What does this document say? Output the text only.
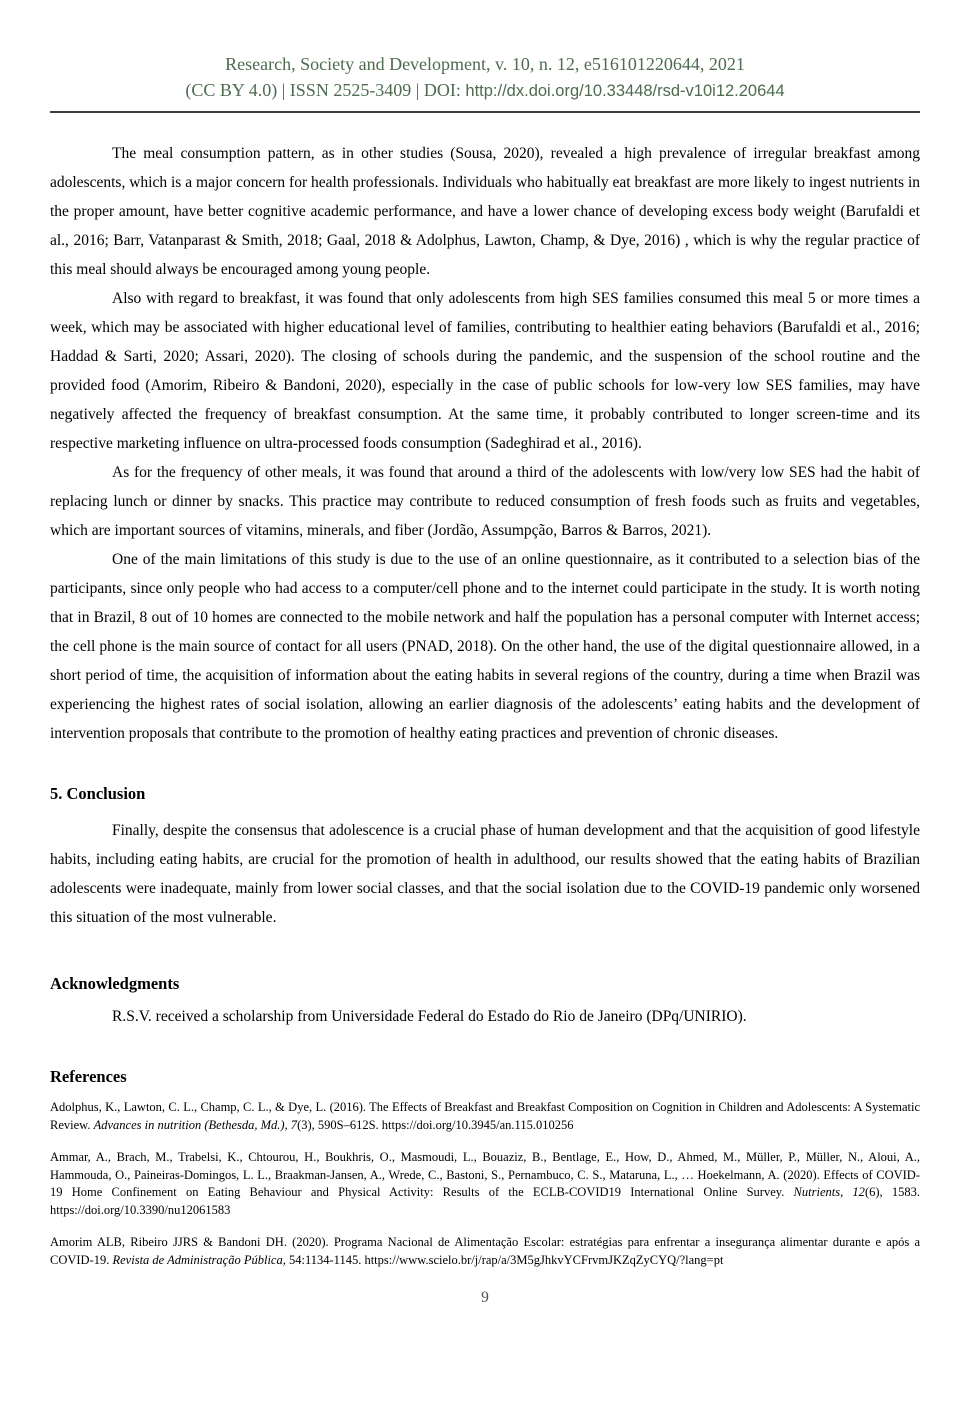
Research, Society and Development, v. 10, n. 12, e516101220644, 2021
(CC BY 4.0) | ISSN 2525-3409 | DOI: http://dx.doi.org/10.33448/rsd-v10i12.20644

The meal consumption pattern, as in other studies (Sousa, 2020), revealed a high prevalence of irregular breakfast among adolescents, which is a major concern for health professionals. Individuals who habitually eat breakfast are more likely to ingest nutrients in the proper amount, have better cognitive academic performance, and have a lower chance of developing excess body weight (Barufaldi et al., 2016; Barr, Vatanparast & Smith, 2018; Gaal, 2018 & Adolphus, Lawton, Champ, & Dye, 2016) , which is why the regular practice of this meal should always be encouraged among young people.

Also with regard to breakfast, it was found that only adolescents from high SES families consumed this meal 5 or more times a week, which may be associated with higher educational level of families, contributing to healthier eating behaviors (Barufaldi et al., 2016; Haddad & Sarti, 2020; Assari, 2020). The closing of schools during the pandemic, and the suspension of the school routine and the provided food (Amorim, Ribeiro & Bandoni, 2020), especially in the case of public schools for low-very low SES families, may have negatively affected the frequency of breakfast consumption. At the same time, it probably contributed to longer screen-time and its respective marketing influence on ultra-processed foods consumption (Sadeghirad et al., 2016).

As for the frequency of other meals, it was found that around a third of the adolescents with low/very low SES had the habit of replacing lunch or dinner by snacks. This practice may contribute to reduced consumption of fresh foods such as fruits and vegetables, which are important sources of vitamins, minerals, and fiber (Jordão, Assumpção, Barros & Barros, 2021).

One of the main limitations of this study is due to the use of an online questionnaire, as it contributed to a selection bias of the participants, since only people who had access to a computer/cell phone and to the internet could participate in the study. It is worth noting that in Brazil, 8 out of 10 homes are connected to the mobile network and half the population has a personal computer with Internet access; the cell phone is the main source of contact for all users (PNAD, 2018). On the other hand, the use of the digital questionnaire allowed, in a short period of time, the acquisition of information about the eating habits in several regions of the country, during a time when Brazil was experiencing the highest rates of social isolation, allowing an earlier diagnosis of the adolescents’ eating habits and the development of intervention proposals that contribute to the promotion of healthy eating practices and prevention of chronic diseases.

5. Conclusion

Finally, despite the consensus that adolescence is a crucial phase of human development and that the acquisition of good lifestyle habits, including eating habits, are crucial for the promotion of health in adulthood, our results showed that the eating habits of Brazilian adolescents were inadequate, mainly from lower social classes, and that the social isolation due to the COVID-19 pandemic only worsened this situation of the most vulnerable.

Acknowledgments

R.S.V. received a scholarship from Universidade Federal do Estado do Rio de Janeiro (DPq/UNIRIO).

References

Adolphus, K., Lawton, C. L., Champ, C. L., & Dye, L. (2016). The Effects of Breakfast and Breakfast Composition on Cognition in Children and Adolescents: A Systematic Review. Advances in nutrition (Bethesda, Md.), 7(3), 590S–612S. https://doi.org/10.3945/an.115.010256

Ammar, A., Brach, M., Trabelsi, K., Chtourou, H., Boukhris, O., Masmoudi, L., Bouaziz, B., Bentlage, E., How, D., Ahmed, M., Müller, P., Müller, N., Aloui, A., Hammouda, O., Paineiras-Domingos, L. L., Braakman-Jansen, A., Wrede, C., Bastoni, S., Pernambuco, C. S., Mataruna, L., … Hoekelmann, A. (2020). Effects of COVID-19 Home Confinement on Eating Behaviour and Physical Activity: Results of the ECLB-COVID19 International Online Survey. Nutrients, 12(6), 1583. https://doi.org/10.3390/nu12061583

Amorim ALB, Ribeiro JJRS & Bandoni DH. (2020). Programa Nacional de Alimentação Escolar: estratégias para enfrentar a insegurança alimentar durante e após a COVID-19. Revista de Administração Pública, 54:1134-1145. https://www.scielo.br/j/rap/a/3M5gJhkvYCFrvmJKZqZyCYQ/?lang=pt

9
